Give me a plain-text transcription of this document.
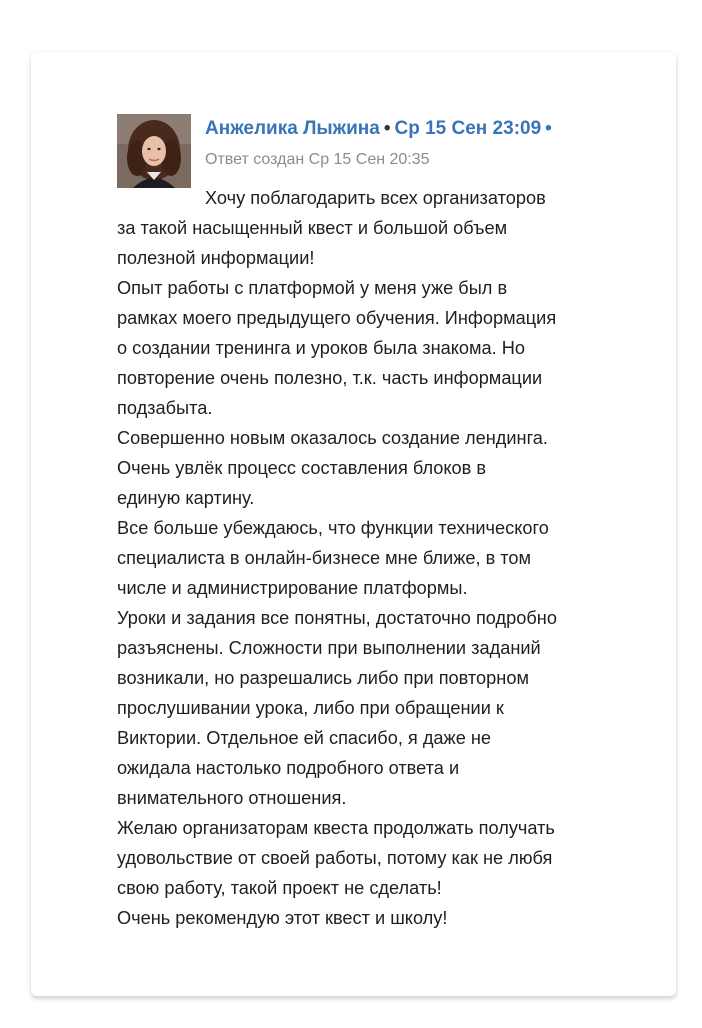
Анжелика Лыжина • Ср 15 Сен 23:09 •
Ответ создан Ср 15 Сен 20:35
Хочу поблагодарить всех организаторов
за такой насыщенный квест и большой объем
полезной информации!
Опыт работы с платформой у меня уже был в
рамках моего предыдущего обучения. Информация
о создании тренинга и уроков была знакома. Но
повторение очень полезно, т.к. часть информации
подзабыта.
Совершенно новым оказалось создание лендинга.
Очень увлёк процесс составления блоков в
единую картину.
Все больше убеждаюсь, что функции технического
специалиста в онлайн-бизнесе мне ближе, в том
числе и администрирование платформы.
Уроки и задания все понятны, достаточно подробно
разъяснены. Сложности при выполнении заданий
возникали, но разрешались либо при повторном
прослушивании урока, либо при обращении к
Виктории. Отдельное ей спасибо, я даже не
ожидала настолько подробного ответа и
внимательного отношения.
Желаю организаторам квеста продолжать получать
удовольствие от своей работы, потому как не любя
свою работу, такой проект не сделать!
Очень рекомендую этот квест и школу!
